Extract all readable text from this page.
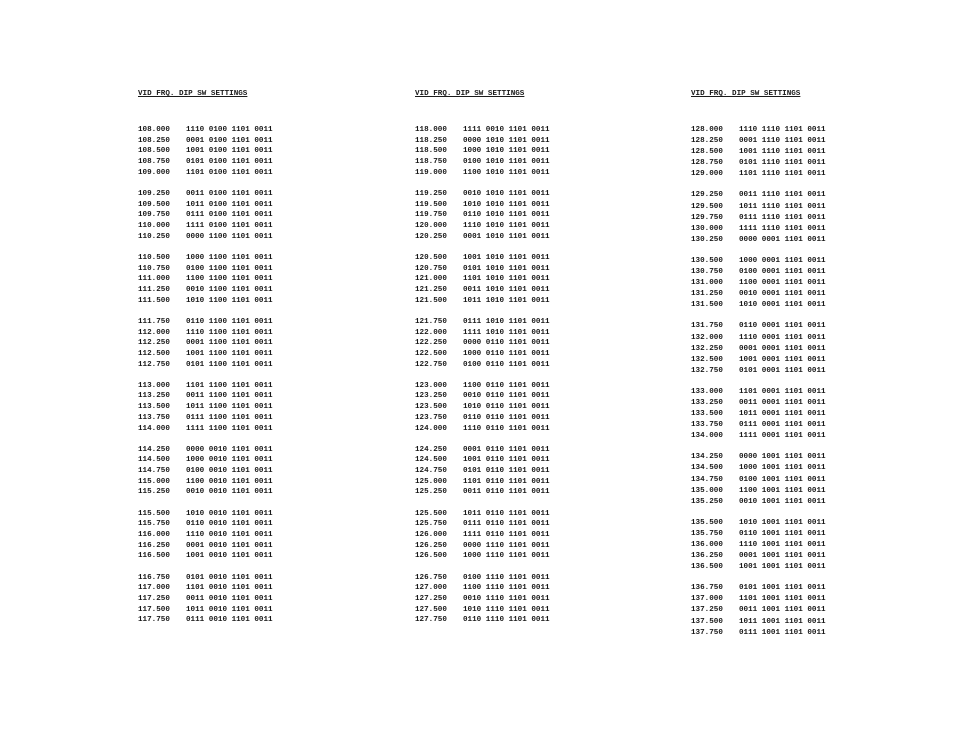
VID FRQ. DIP SW SETTINGS
108.000 1110 0100 1101 0011
108.250 0001 0100 1101 0011
108.500 1001 0100 1101 0011
108.750 0101 0100 1101 0011
109.000 1101 0100 1101 0011
109.250 0011 0100 1101 0011
109.500 1011 0100 1101 0011
109.750 0111 0100 1101 0011
110.000 1111 0100 1101 0011
110.250 0000 1100 1101 0011
110.500 1000 1100 1101 0011
110.750 0100 1100 1101 0011
111.000 1100 1100 1101 0011
111.250 0010 1100 1101 0011
111.500 1010 1100 1101 0011
111.750 0110 1100 1101 0011
112.000 1110 1100 1101 0011
112.250 0001 1100 1101 0011
112.500 1001 1100 1101 0011
112.750 0101 1100 1101 0011
113.000 1101 1100 1101 0011
113.250 0011 1100 1101 0011
113.500 1011 1100 1101 0011
113.750 0111 1100 1101 0011
114.000 1111 1100 1101 0011
114.250 0000 0010 1101 0011
114.500 1000 0010 1101 0011
114.750 0100 0010 1101 0011
115.000 1100 0010 1101 0011
115.250 0010 0010 1101 0011
115.500 1010 0010 1101 0011
115.750 0110 0010 1101 0011
116.000 1110 0010 1101 0011
116.250 0001 0010 1101 0011
116.500 1001 0010 1101 0011
116.750 0101 0010 1101 0011
117.000 1101 0010 1101 0011
117.250 0011 0010 1101 0011
117.500 1011 0010 1101 0011
117.750 0111 0010 1101 0011
VID FRQ. DIP SW SETTINGS
118.000 1111 0010 1101 0011
118.250 0000 1010 1101 0011
118.500 1000 1010 1101 0011
118.750 0100 1010 1101 0011
119.000 1100 1010 1101 0011
119.250 0010 1010 1101 0011
119.500 1010 1010 1101 0011
119.750 0110 1010 1101 0011
120.000 1110 1010 1101 0011
120.250 0001 1010 1101 0011
120.500 1001 1010 1101 0011
120.750 0101 1010 1101 0011
121.000 1101 1010 1101 0011
121.250 0011 1010 1101 0011
121.500 1011 1010 1101 0011
121.750 0111 1010 1101 0011
122.000 1111 1010 1101 0011
122.250 0000 0110 1101 0011
122.500 1000 0110 1101 0011
122.750 0100 0110 1101 0011
123.000 1100 0110 1101 0011
123.250 0010 0110 1101 0011
123.500 1010 0110 1101 0011
123.750 0110 0110 1101 0011
124.000 1110 0110 1101 0011
124.250 0001 0110 1101 0011
124.500 1001 0110 1101 0011
124.750 0101 0110 1101 0011
125.000 1101 0110 1101 0011
125.250 0011 0110 1101 0011
125.500 1011 0110 1101 0011
125.750 0111 0110 1101 0011
126.000 1111 0110 1101 0011
126.250 0000 1110 1101 0011
126.500 1000 1110 1101 0011
126.750 0100 1110 1101 0011
127.000 1100 1110 1101 0011
127.250 0010 1110 1101 0011
127.500 1010 1110 1101 0011
127.750 0110 1110 1101 0011
VID FRQ. DIP SW SETTINGS
128.000 1110 1110 1101 0011
128.250 0001 1110 1101 0011
128.500 1001 1110 1101 0011
128.750 0101 1110 1101 0011
129.000 1101 1110 1101 0011
129.250 0011 1110 1101 0011
129.500 1011 1110 1101 0011
129.750 0111 1110 1101 0011
130.000 1111 1110 1101 0011
130.250 0000 0001 1101 0011
130.500 1000 0001 1101 0011
130.750 0100 0001 1101 0011
131.000 1100 0001 1101 0011
131.250 0010 0001 1101 0011
131.500 1010 0001 1101 0011
131.750 0110 0001 1101 0011
132.000 1110 0001 1101 0011
132.250 0001 0001 1101 0011
132.500 1001 0001 1101 0011
132.750 0101 0001 1101 0011
133.000 1101 0001 1101 0011
133.250 0011 0001 1101 0011
133.500 1011 0001 1101 0011
133.750 0111 0001 1101 0011
134.000 1111 0001 1101 0011
134.250 0000 1001 1101 0011
134.500 1000 1001 1101 0011
134.750 0100 1001 1101 0011
135.000 1100 1001 1101 0011
135.250 0010 1001 1101 0011
135.500 1010 1001 1101 0011
135.750 0110 1001 1101 0011
136.000 1110 1001 1101 0011
136.250 0001 1001 1101 0011
136.500 1001 1001 1101 0011
136.750 0101 1001 1101 0011
137.000 1101 1001 1101 0011
137.250 0011 1001 1101 0011
137.500 1011 1001 1101 0011
137.750 0111 1001 1101 0011
